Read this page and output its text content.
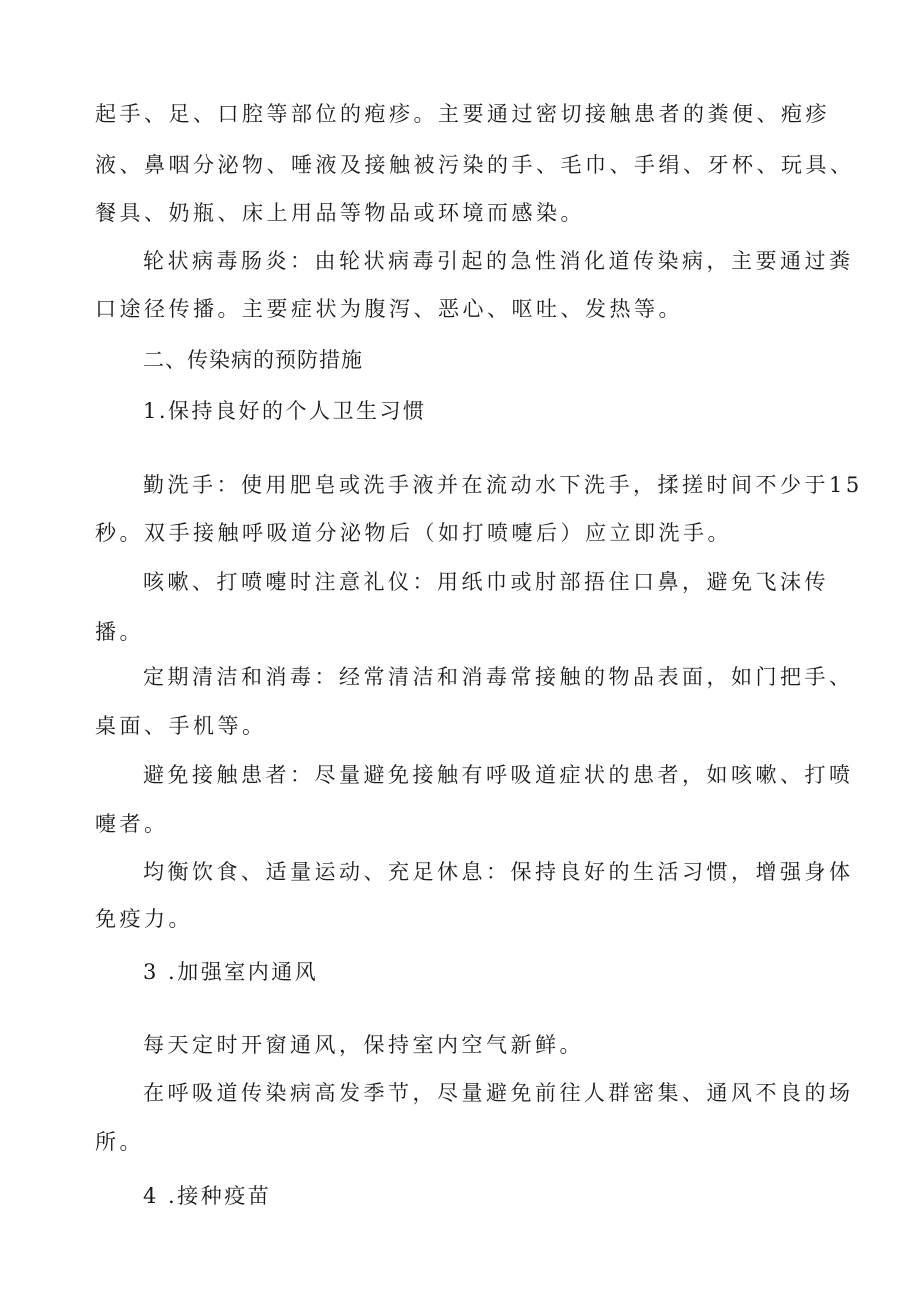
起手、足、口腔等部位的疱疹。主要通过密切接触患者的粪便、疱疹
液、鼻咽分泌物、唾液及接触被污染的手、毛巾、手绢、牙杯、玩具、
餐具、奶瓶、床上用品等物品或环境而感染。
轮状病毒肠炎：由轮状病毒引起的急性消化道传染病，主要通过粪
口途径传播。主要症状为腹泻、恶心、呕吐、发热等。
二、传染病的预防措施
1.保持良好的个人卫生习惯
勤洗手：使用肥皂或洗手液并在流动水下洗手，揉搓时间不少于15
秒。双手接触呼吸道分泌物后（如打喷嚏后）应立即洗手。
咳嗽、打喷嚏时注意礼仪：用纸巾或肘部捂住口鼻，避免飞沫传
播。
定期清洁和消毒：经常清洁和消毒常接触的物品表面，如门把手、
桌面、手机等。
避免接触患者：尽量避免接触有呼吸道症状的患者，如咳嗽、打喷
嚏者。
均衡饮食、适量运动、充足休息：保持良好的生活习惯，增强身体
免疫力。
3 .加强室内通风
每天定时开窗通风，保持室内空气新鲜。
在呼吸道传染病高发季节，尽量避免前往人群密集、通风不良的场
所。
4 .接种疫苗
